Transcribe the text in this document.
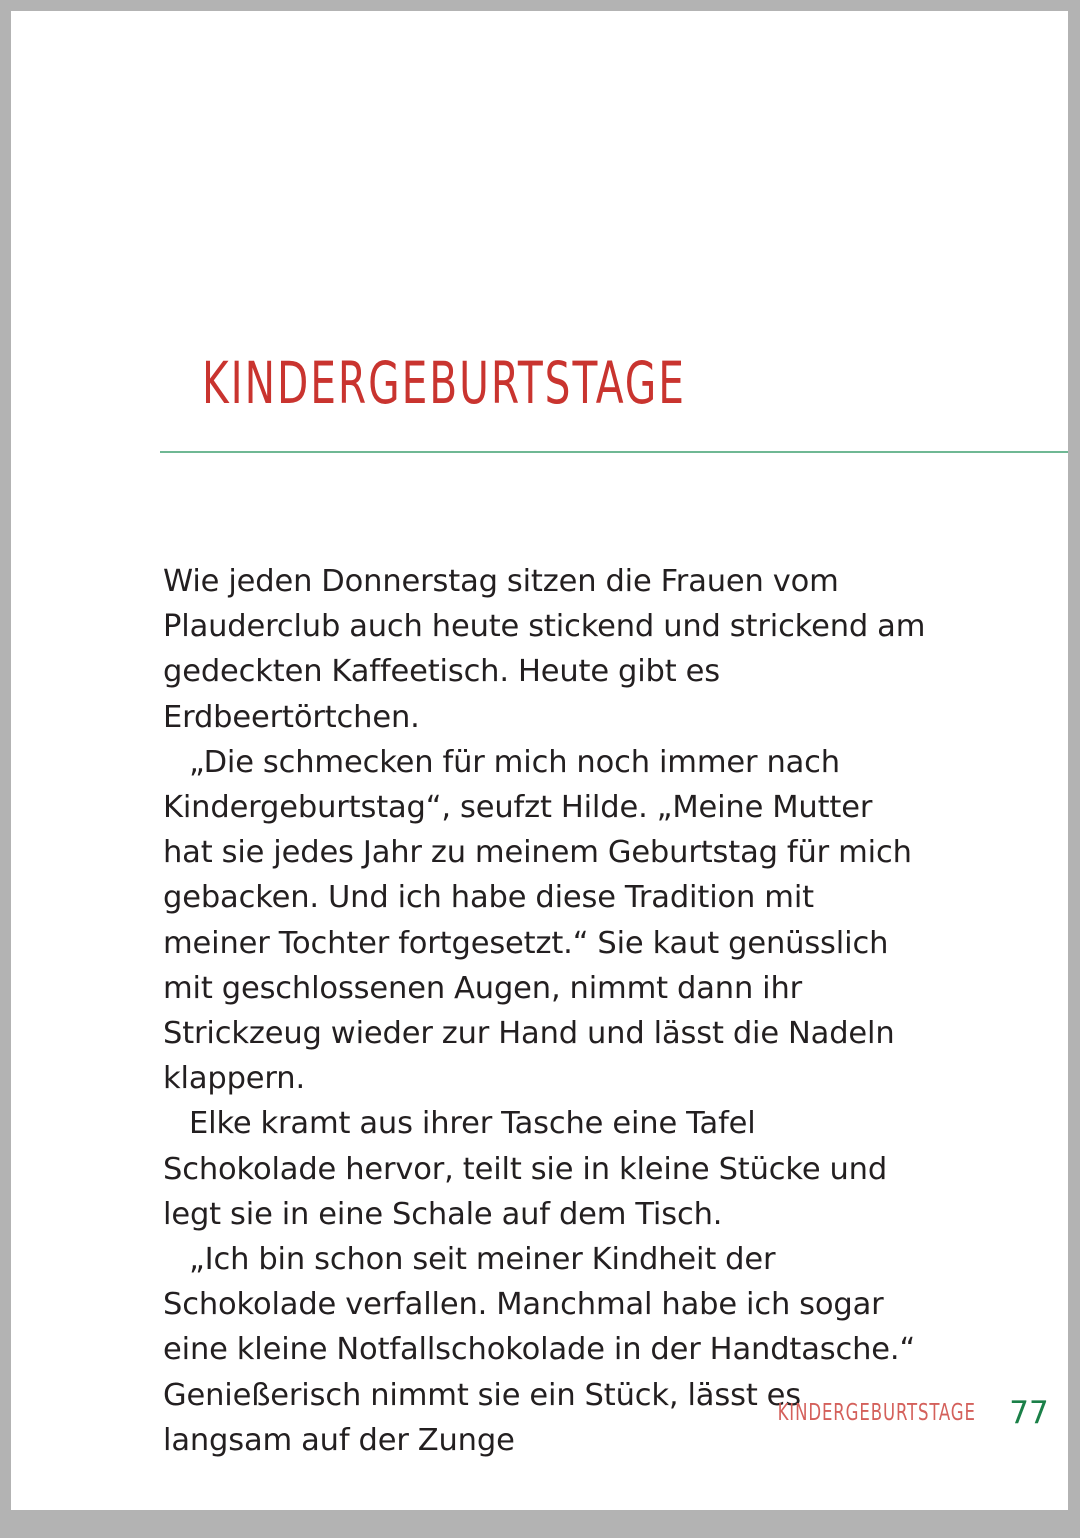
KINDERGEBURTSTAGE

Wie jeden Donnerstag sitzen die Frauen vom Plauderclub auch heute stickend und strickend am gedeckten Kaffeetisch. Heute gibt es Erdbeertörtchen.

„Die schmecken für mich noch immer nach Kindergeburtstag“, seufzt Hilde. „Meine Mutter hat sie jedes Jahr zu meinem Geburtstag für mich gebacken. Und ich habe diese Tradition mit meiner Tochter fortgesetzt.“ Sie kaut genüsslich mit geschlossenen Augen, nimmt dann ihr Strickzeug wieder zur Hand und lässt die Nadeln klappern.

Elke kramt aus ihrer Tasche eine Tafel Schokolade hervor, teilt sie in kleine Stücke und legt sie in eine Schale auf dem Tisch.

„Ich bin schon seit meiner Kindheit der Schokolade verfallen. Manchmal habe ich sogar eine kleine Notfallschokolade in der Handtasche.“ Genießerisch nimmt sie ein Stück, lässt es langsam auf der Zunge

KINDERGEBURTSTAGE	77
